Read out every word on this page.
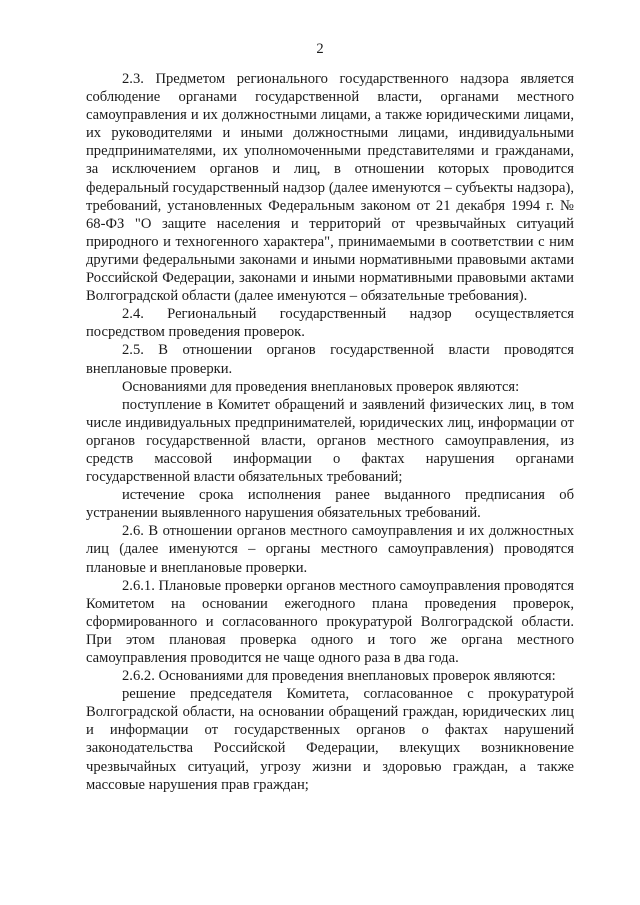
2

2.3. Предметом регионального государственного надзора является соблюдение органами государственной власти, органами местного самоуправления и их должностными лицами, а также юридическими лицами, их руководителями и иными должностными лицами, индивидуальными предпринимателями, их уполномоченными представителями и гражданами, за исключением органов и лиц, в отношении которых проводится федеральный государственный надзор (далее именуются – субъекты надзора), требований, установленных Федеральным законом от 21 декабря 1994 г. № 68-ФЗ "О защите населения и территорий от чрезвычайных ситуаций природного и техногенного характера", принимаемыми в соответствии с ним другими федеральными законами и иными нормативными правовыми актами Российской Федерации, законами и иными нормативными правовыми актами Волгоградской области (далее именуются – обязательные требования).

2.4. Региональный государственный надзор осуществляется посредством проведения проверок.

2.5. В отношении органов государственной власти проводятся внеплановые проверки.

Основаниями для проведения внеплановых проверок являются:

поступление в Комитет обращений и заявлений физических лиц, в том числе индивидуальных предпринимателей, юридических лиц, информации от органов государственной власти, органов местного самоуправления, из средств массовой информации о фактах нарушения органами государственной власти обязательных требований;

истечение срока исполнения ранее выданного предписания об устранении выявленного нарушения обязательных требований.

2.6. В отношении органов местного самоуправления и их должностных лиц (далее именуются – органы местного самоуправления) проводятся плановые и внеплановые проверки.

2.6.1. Плановые проверки органов местного самоуправления проводятся Комитетом на основании ежегодного плана проведения проверок, сформированного и согласованного прокуратурой Волгоградской области. При этом плановая проверка одного и того же органа местного самоуправления проводится не чаще одного раза в два года.

2.6.2. Основаниями для проведения внеплановых проверок являются:

решение председателя Комитета, согласованное с прокуратурой Волгоградской области, на основании обращений граждан, юридических лиц и информации от государственных органов о фактах нарушений законодательства Российской Федерации, влекущих возникновение чрезвычайных ситуаций, угрозу жизни и здоровью граждан, а также массовые нарушения прав граждан;
